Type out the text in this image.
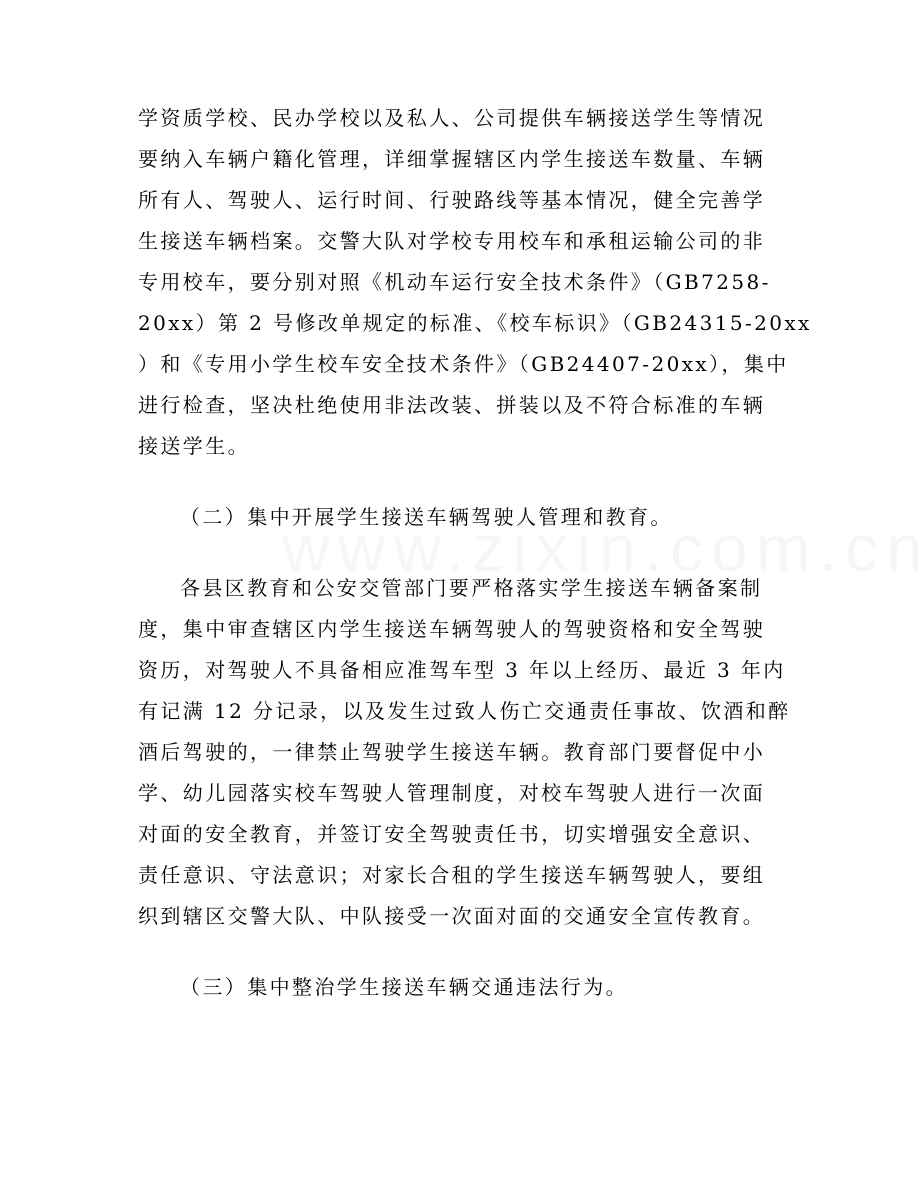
学资质学校、民办学校以及私人、公司提供车辆接送学生等情况
要纳入车辆户籍化管理，详细掌握辖区内学生接送车数量、车辆
所有人、驾驶人、运行时间、行驶路线等基本情况，健全完善学
生接送车辆档案。交警大队对学校专用校车和承租运输公司的非
专用校车，要分别对照《机动车运行安全技术条件》（GB7258-
20xx）第 2 号修改单规定的标准、《校车标识》（GB24315-20xx
）和《专用小学生校车安全技术条件》（GB24407-20xx），集中
进行检查，坚决杜绝使用非法改装、拼装以及不符合标准的车辆
接送学生。
（二）集中开展学生接送车辆驾驶人管理和教育。
各县区教育和公安交管部门要严格落实学生接送车辆备案制
度，集中审查辖区内学生接送车辆驾驶人的驾驶资格和安全驾驶
资历，对驾驶人不具备相应准驾车型 3 年以上经历、最近 3 年内
有记满 12 分记录，以及发生过致人伤亡交通责任事故、饮酒和醉
酒后驾驶的，一律禁止驾驶学生接送车辆。教育部门要督促中小
学、幼儿园落实校车驾驶人管理制度，对校车驾驶人进行一次面
对面的安全教育，并签订安全驾驶责任书，切实增强安全意识、
责任意识、守法意识；对家长合租的学生接送车辆驾驶人，要组
织到辖区交警大队、中队接受一次面对面的交通安全宣传教育。
（三）集中整治学生接送车辆交通违法行为。
